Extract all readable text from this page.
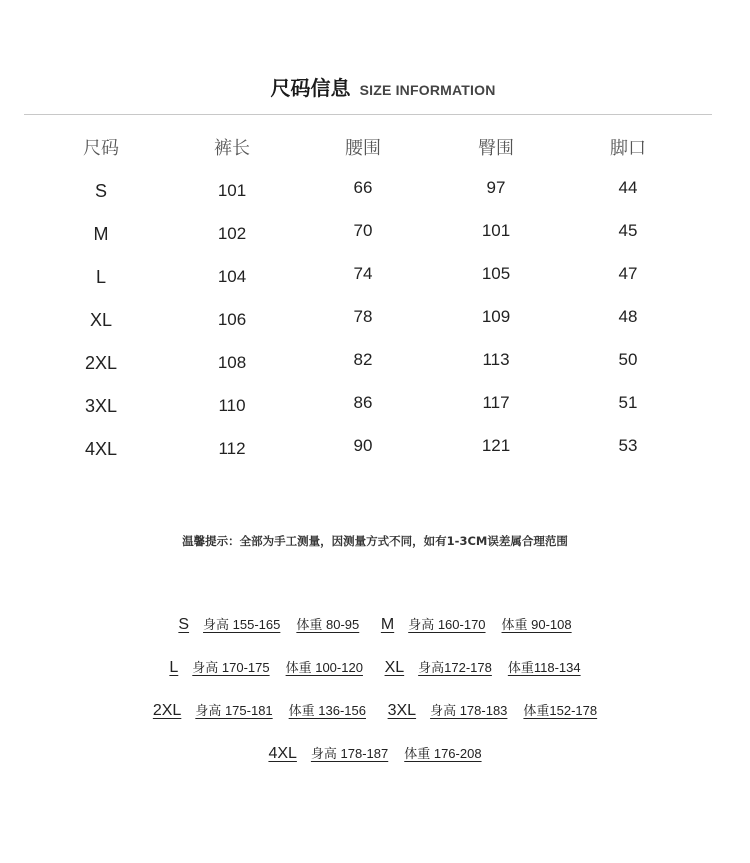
尺码信息 SIZE INFORMATION
尺码	裤长	腰围	臀围	脚口
S	101	66	97	44
M	102	70	101	45
L	104	74	105	47
XL	106	78	109	48
2XL	108	82	113	50
3XL	110	86	117	51
4XL	112	90	121	53
温馨提示：全部为手工测量，因测量方式不同，如有1-3CM误差属合理范围
S 身高 155-165 体重 80-95 M 身高 160-170 体重 90-108
L 身高 170-175 体重 100-120 XL 身高172-178 体重118-134
2XL 身高 175-181 体重 136-156 3XL 身高 178-183 体重152-178
4XL 身高 178-187 体重 176-208
